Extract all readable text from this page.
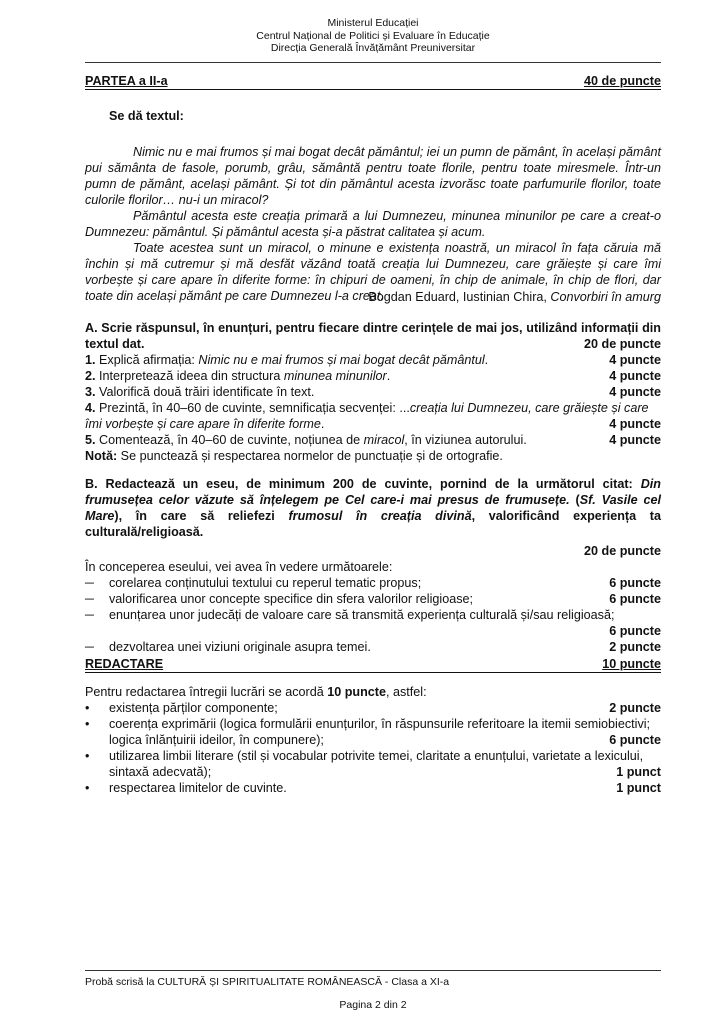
Ministerul Educației
Centrul Național de Politici și Evaluare în Educație
Direcția Generală Învățământ Preuniversitar
PARTEA a II-a	40 de puncte
Se dă textul:
Nimic nu e mai frumos și mai bogat decât pământul; iei un pumn de pământ, în același pământ pui sământa de fasole, porumb, grâu, sământă pentru toate florile, pentru toate miresmele. Într-un pumn de pământ, același pământ. Și tot din pământul acesta izvorăsc toate parfumurile florilor, toate culorile florilor… nu-i un miracol?
Pământul acesta este creația primară a lui Dumnezeu, minunea minunilor pe care a creat-o Dumnezeu: pământul. Și pământul acesta și-a păstrat calitatea și acum.
Toate acestea sunt un miracol, o minune e existența noastră, un miracol în fața căruia mă închin și mă cutremur și mă desfăt văzând toată creația lui Dumnezeu, care grăiește și care îmi vorbește și care apare în diferite forme: în chipuri de oameni, în chip de animale, în chip de flori, dar toate din același pământ pe care Dumnezeu l-a creat.
Bogdan Eduard, Iustinian Chira, Convorbiri în amurg
A. Scrie răspunsul, în enunțuri, pentru fiecare dintre cerințele de mai jos, utilizând informații din textul dat.	20 de puncte
1. Explică afirmația: Nimic nu e mai frumos și mai bogat decât pământul.	4 puncte
2. Interpretează ideea din structura minunea minunilor.	4 puncte
3. Valorifică două trăiri identificate în text.	4 puncte
4. Prezintă, în 40–60 de cuvinte, semnificația secvenței: ...creația lui Dumnezeu, care grăiește și care
îmi vorbește și care apare în diferite forme.	4 puncte
5. Comentează, în 40–60 de cuvinte, noțiunea de miracol, în viziunea autorului.	4 puncte
Notă: Se punctează și respectarea normelor de punctuație și de ortografie.
B. Redactează un eseu, de minimum 200 de cuvinte, pornind de la următorul citat: Din frumusețea celor văzute să înțelegem pe Cel care-i mai presus de frumusețe. (Sf. Vasile cel Mare), în care să reliefezi frumosul în creația divină, valorificând experiența ta culturală/religioasă.
20 de puncte
În conceperea eseului, vei avea în vedere următoarele:
─	corelarea conținutului textului cu reperul tematic propus;	6 puncte
─	valorificarea unor concepte specifice din sfera valorilor religioase;	6 puncte
─	enunțarea unor judecăți de valoare care să transmită experiența culturală și/sau religioasă;
6 puncte
─	dezvoltarea unei viziuni originale asupra temei.	2 puncte
REDACTARE	10 puncte
Pentru redactarea întregii lucrări se acordă 10 puncte, astfel:
•	existența părților componente;	2 puncte
•	coerența exprimării (logica formulării enunțurilor, în răspunsurile referitoare la itemii semiobiectivi;
logica înlănțuirii ideilor, în compunere);	6 puncte
•	utilizarea limbii literare (stil și vocabular potrivite temei, claritate a enunțului, varietate a lexicului,
sintaxă adecvată);	1 punct
•	respectarea limitelor de cuvinte.	1 punct
Probă scrisă la CULTURĂ ȘI SPIRITUALITATE ROMÂNEASCĂ - Clasa a XI-a
Pagina 2 din 2
